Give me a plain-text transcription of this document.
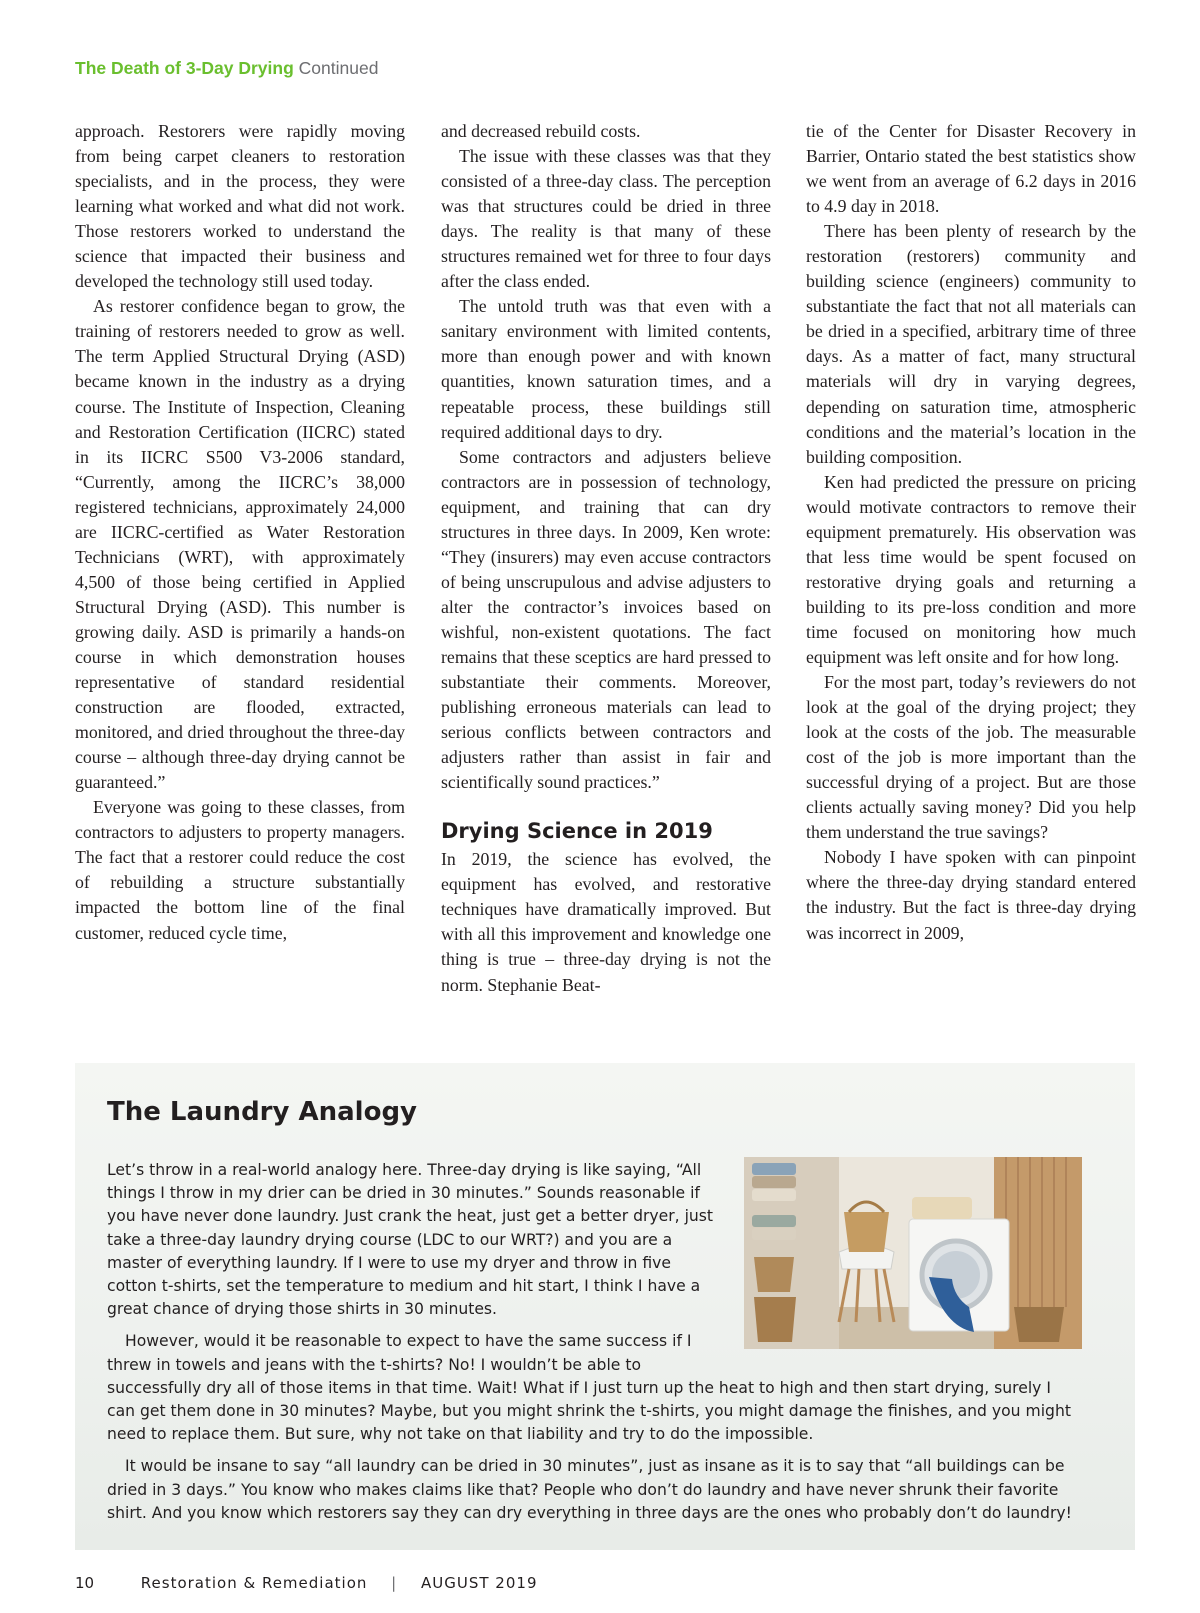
The Death of 3-Day Drying Continued

approach. Restorers were rapidly moving from being carpet cleaners to restoration specialists, and in the process, they were learning what worked and what did not work. Those restorers worked to understand the science that impacted their business and developed the technology still used today.

As restorer confidence began to grow, the training of restorers needed to grow as well. The term Applied Structural Drying (ASD) became known in the industry as a drying course. The Institute of Inspection, Cleaning and Restoration Certification (IICRC) stated in its IICRC S500 V3-2006 standard, “Currently, among the IICRC’s 38,000 registered technicians, approximately 24,000 are IICRC-certified as Water Restoration Technicians (WRT), with approximately 4,500 of those being certified in Applied Structural Drying (ASD). This number is growing daily. ASD is primarily a hands-on course in which demonstration houses representative of standard residential construction are flooded, extracted, monitored, and dried throughout the three-day course – although three-day drying cannot be guaranteed.”

Everyone was going to these classes, from contractors to adjusters to property managers. The fact that a restorer could reduce the cost of rebuilding a structure substantially impacted the bottom line of the final customer, reduced cycle time,

and decreased rebuild costs.

The issue with these classes was that they consisted of a three-day class. The perception was that structures could be dried in three days. The reality is that many of these structures remained wet for three to four days after the class ended.

The untold truth was that even with a sanitary environment with limited contents, more than enough power and with known quantities, known saturation times, and a repeatable process, these buildings still required additional days to dry.

Some contractors and adjusters believe contractors are in possession of technology, equipment, and training that can dry structures in three days. In 2009, Ken wrote: “They (insurers) may even accuse contractors of being unscrupulous and advise adjusters to alter the contractor’s invoices based on wishful, non-existent quotations. The fact remains that these sceptics are hard pressed to substantiate their comments. Moreover, publishing erroneous materials can lead to serious conflicts between contractors and adjusters rather than assist in fair and scientifically sound practices.”

Drying Science in 2019

In 2019, the science has evolved, the equipment has evolved, and restorative techniques have dramatically improved. But with all this improvement and knowledge one thing is true – three-day drying is not the norm. Stephanie Beat-

tie of the Center for Disaster Recovery in Barrier, Ontario stated the best statistics show we went from an average of 6.2 days in 2016 to 4.9 day in 2018.

There has been plenty of research by the restoration (restorers) community and building science (engineers) community to substantiate the fact that not all materials can be dried in a specified, arbitrary time of three days. As a matter of fact, many structural materials will dry in varying degrees, depending on saturation time, atmospheric conditions and the material’s location in the building composition.

Ken had predicted the pressure on pricing would motivate contractors to remove their equipment prematurely. His observation was that less time would be spent focused on restorative drying goals and returning a building to its pre-loss condition and more time focused on monitoring how much equipment was left onsite and for how long.

For the most part, today’s reviewers do not look at the goal of the drying project; they look at the costs of the job. The measurable cost of the job is more important than the successful drying of a project. But are those clients actually saving money? Did you help them understand the true savings?

Nobody I have spoken with can pinpoint where the three-day drying standard entered the industry. But the fact is three-day drying was incorrect in 2009,

The Laundry Analogy

Let’s throw in a real-world analogy here. Three-day drying is like saying, “All things I throw in my drier can be dried in 30 minutes.” Sounds reasonable if you have never done laundry. Just crank the heat, just get a better dryer, just take a three-day laundry drying course (LDC to our WRT?) and you are a master of everything laundry. If I were to use my dryer and throw in five cotton t-shirts, set the temperature to medium and hit start, I think I have a great chance of drying those shirts in 30 minutes.

However, would it be reasonable to expect to have the same success if I threw in towels and jeans with the t-shirts? No! I wouldn’t be able to successfully dry all of those items in that time. Wait! What if I just turn up the heat to high and then start drying, surely I can get them done in 30 minutes? Maybe, but you might shrink the t-shirts, you might damage the finishes, and you might need to replace them. But sure, why not take on that liability and try to do the impossible.

It would be insane to say “all laundry can be dried in 30 minutes”, just as insane as it is to say that “all buildings can be dried in 3 days.” You know who makes claims like that? People who don’t do laundry and have never shrunk their favorite shirt. And you know which restorers say they can dry everything in three days are the ones who probably don’t do laundry!

10	Restoration & Remediation | AUGUST 2019
